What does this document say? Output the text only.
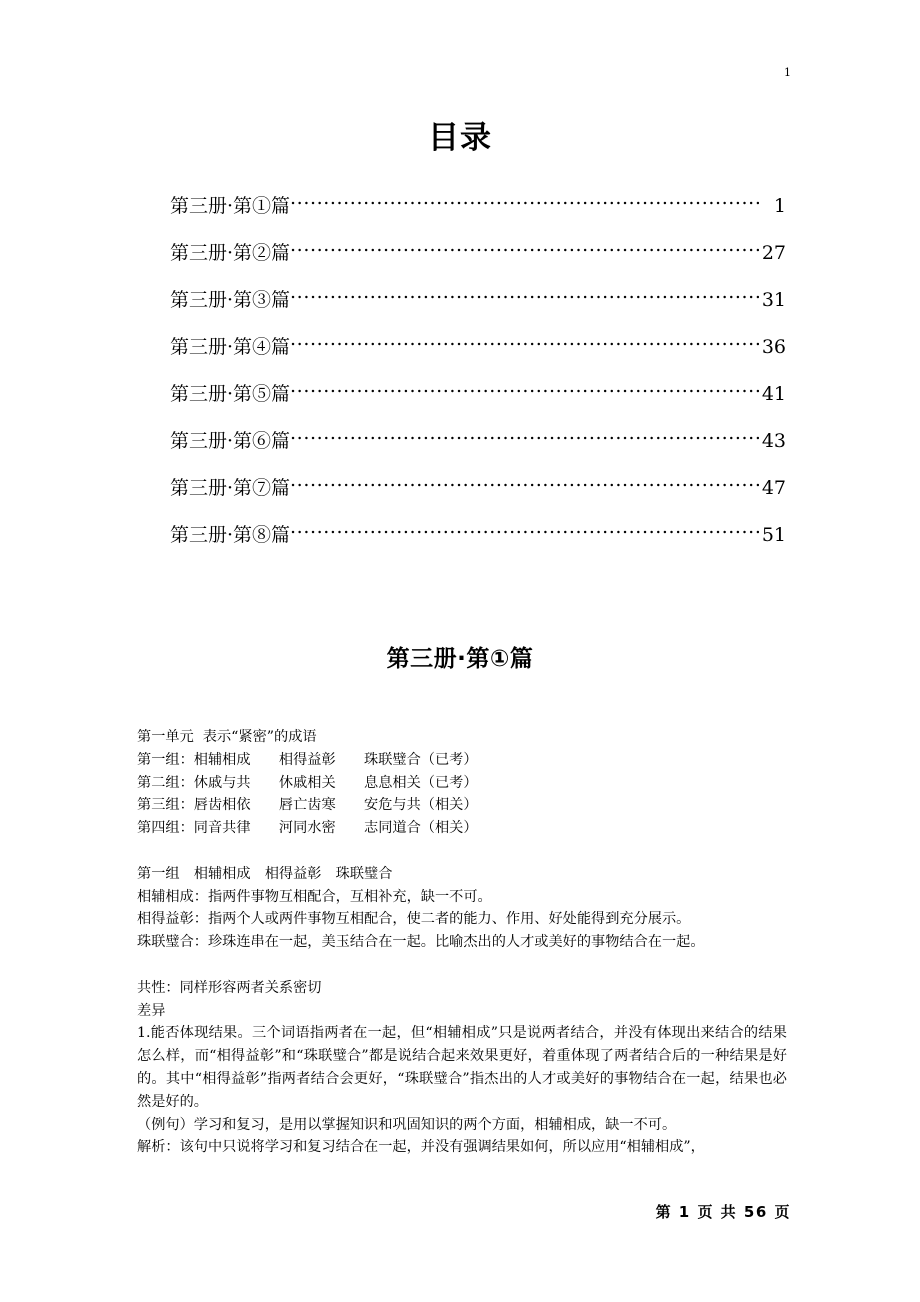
1
目录
第三册·第①篇 .....	1
第三册·第②篇 .....	27
第三册·第③篇 .....	31
第三册·第④篇 .....	36
第三册·第⑤篇 .....	41
第三册·第⑥篇 .....	43
第三册·第⑦篇 .....	47
第三册·第⑧篇 .....	51
第三册·第①篇
第一单元  表示“紧密”的成语
第一组：相辅相成　　相得益彰　　珠联璧合（已考）
第二组：休戚与共　　休戚相关　　息息相关（已考）
第三组：唇齿相依　　唇亡齿寒　　安危与共（相关）
第四组：同音共律　　河同水密　　志同道合（相关）
第一组　相辅相成　相得益彰　珠联璧合
相辅相成：指两件事物互相配合，互相补充，缺一不可。
相得益彰：指两个人或两件事物互相配合，使二者的能力、作用、好处能得到充分展示。
珠联璧合：珍珠连串在一起，美玉结合在一起。比喻杰出的人才或美好的事物结合在一起。
共性：同样形容两者关系密切
差异
1.能否体现结果。三个词语指两者在一起，但“相辅相成”只是说两者结合，并没有体现出来结合的结果怎么样，而“相得益彰”和“珠联璧合”都是说结合起来效果更好，着重体现了两者结合后的一种结果是好的。其中“相得益彰”指两者结合会更好，“珠联璧合”指杰出的人才或美好的事物结合在一起，结果也必然是好的。
（例句）学习和复习，是用以掌握知识和巩固知识的两个方面，相辅相成，缺一不可。
解析：该句中只说将学习和复习结合在一起，并没有强调结果如何，所以应用“相辅相成”，
第 1 页 共 56 页
